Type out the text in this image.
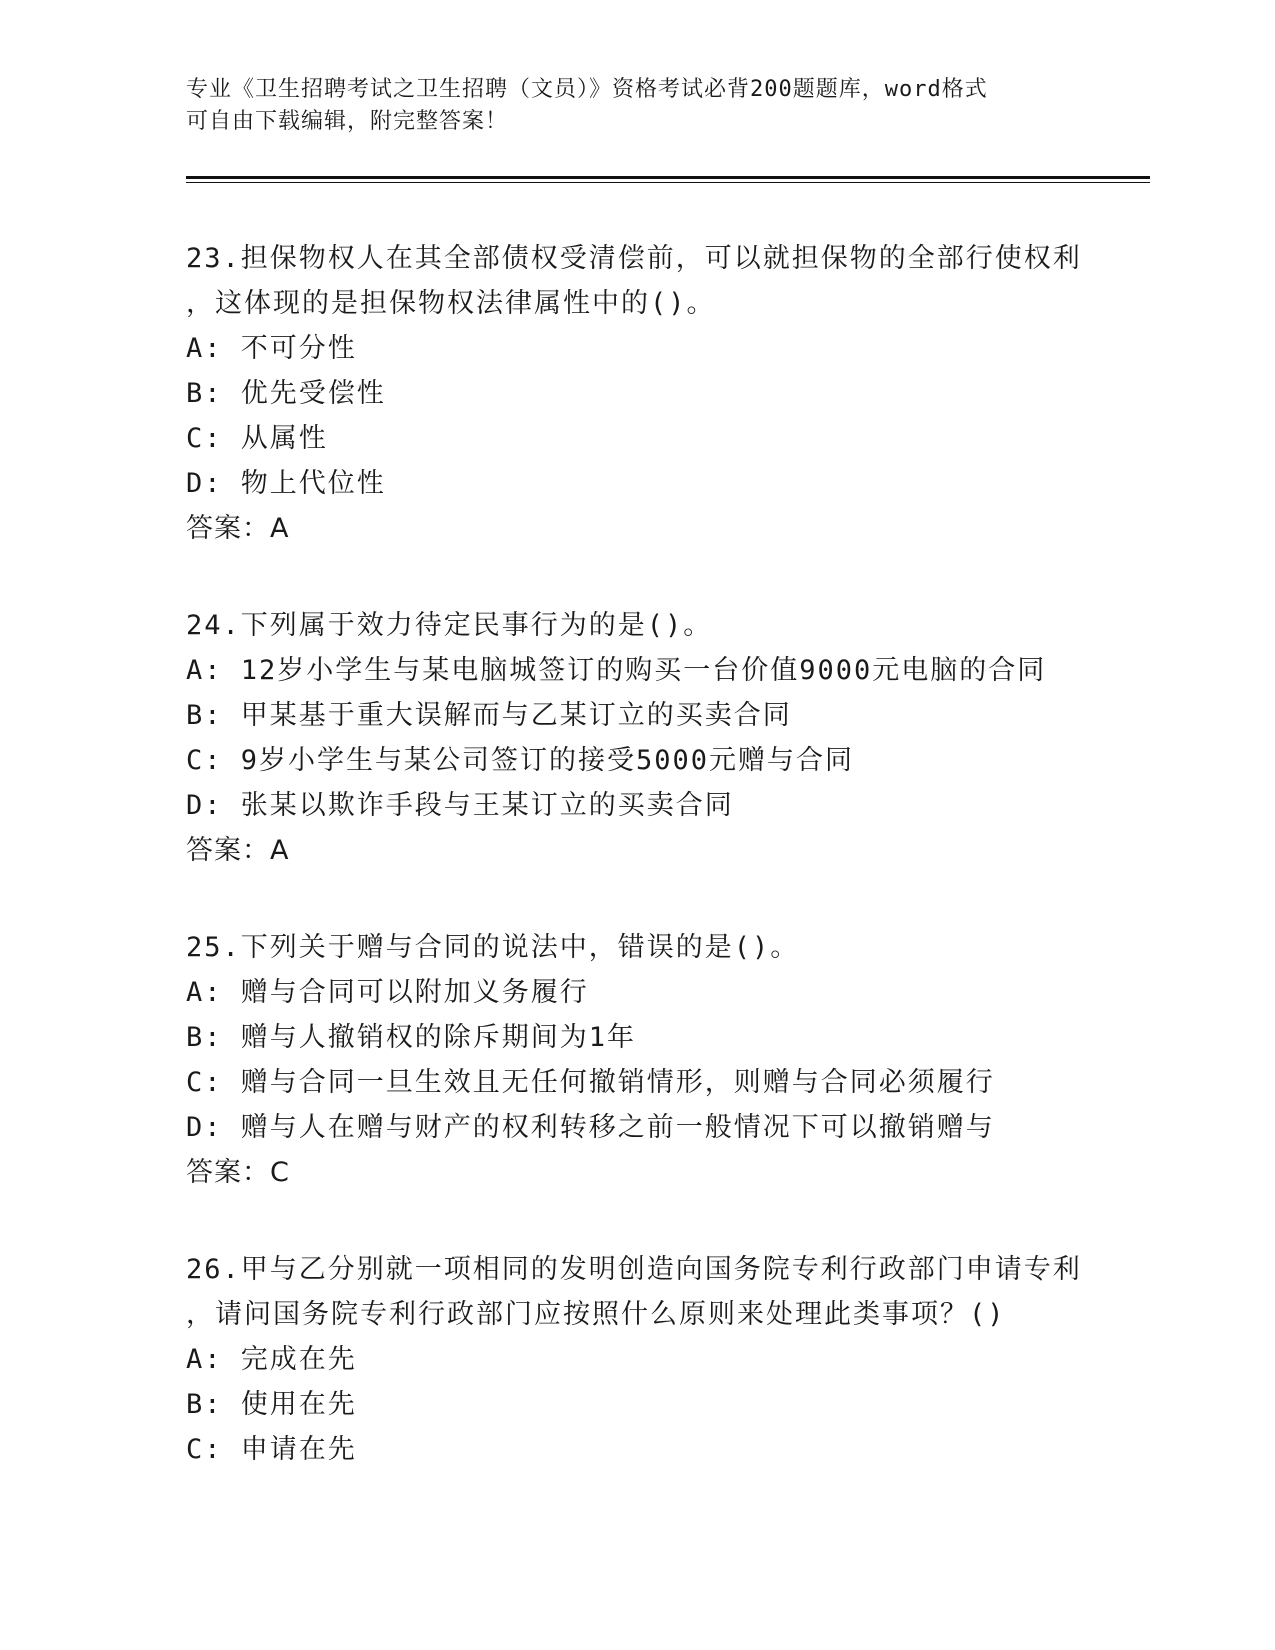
专业《卫生招聘考试之卫生招聘（文员）》资格考试必背200题题库，word格式
可自由下载编辑，附完整答案！

23.担保物权人在其全部债权受清偿前，可以就担保物的全部行使权利

，这体现的是担保物权法律属性中的()。

A: 不可分性

B: 优先受偿性

C: 从属性

D: 物上代位性

答案：A

24.下列属于效力待定民事行为的是()。

A: 12岁小学生与某电脑城签订的购买一台价值9000元电脑的合同

B: 甲某基于重大误解而与乙某订立的买卖合同

C: 9岁小学生与某公司签订的接受5000元赠与合同

D: 张某以欺诈手段与王某订立的买卖合同

答案：A

25.下列关于赠与合同的说法中，错误的是()。

A: 赠与合同可以附加义务履行

B: 赠与人撤销权的除斥期间为1年

C: 赠与合同一旦生效且无任何撤销情形，则赠与合同必须履行

D: 赠与人在赠与财产的权利转移之前一般情况下可以撤销赠与

答案：C

26.甲与乙分别就一项相同的发明创造向国务院专利行政部门申请专利

，请问国务院专利行政部门应按照什么原则来处理此类事项？()

A: 完成在先

B: 使用在先

C: 申请在先
